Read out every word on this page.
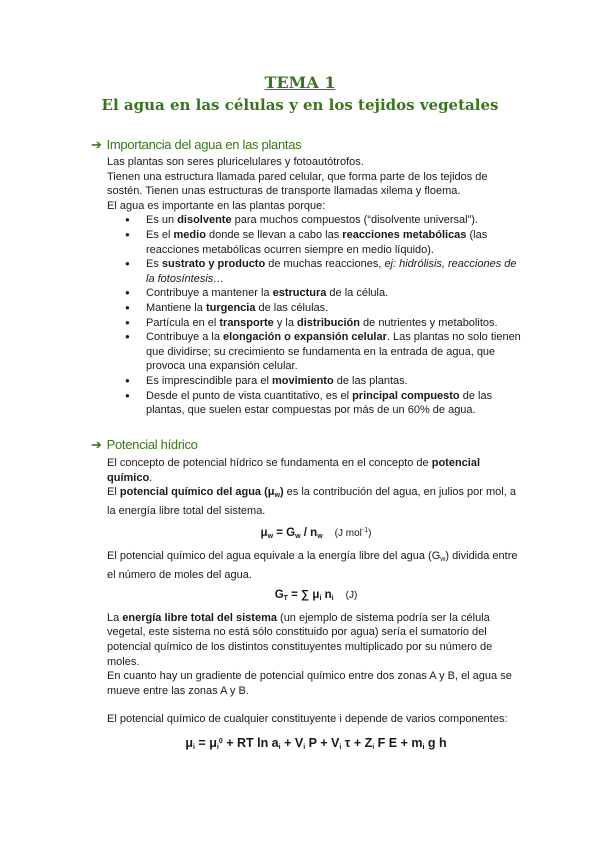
TEMA 1
El agua en las células y en los tejidos vegetales
➔ Importancia del agua en las plantas

Las plantas son seres pluricelulares y fotoautótrofos.

Tienen una estructura llamada pared celular, que forma parte de los tejidos de sostén. Tienen unas estructuras de transporte llamadas xilema y floema.

El agua es importante en las plantas porque:

● Es un disolvente para muchos compuestos (“disolvente universal”).
● Es el medio donde se llevan a cabo las reacciones metabólicas (las reacciones metabólicas ocurren siempre en medio líquido).
● Es sustrato y producto de muchas reacciones, ej: hidrólisis, reacciones de la fotosíntesis…
● Contribuye a mantener la estructura de la célula.
● Mantiene la turgencia de las células.
● Partícula en el transporte y la distribución de nutrientes y metabolitos.
● Contribuye a la elongación o expansión celular. Las plantas no solo tienen que dividirse; su crecimiento se fundamenta en la entrada de agua, que provoca una expansión celular.
● Es imprescindible para el movimiento de las plantas.
● Desde el punto de vista cuantitativo, es el principal compuesto de las plantas, que suelen estar compuestas por más de un 60% de agua.
➔ Potencial hídrico

El concepto de potencial hídrico se fundamenta en el concepto de potencial químico.

El potencial químico del agua $(\mu_w)$ es la contribución del agua, en julios por mol, a la energía libre total del sistema.

$\mu_w = G_w / n_w$ (J mol$^{-1}$)

El potencial químico del agua equivale a la energía libre del agua $(G_w)$ dividida entre el número de moles del agua.

$G_T$ = ∑ $\mu_i$ $n_i$ (J)

La energía libre total del sistema (un ejemplo de sistema podría ser la célula vegetal, este sistema no está sólo constituido por agua) sería el sumatorio del potencial químico de los distintos constituyentes multiplicado por su número de moles.

En cuanto hay un gradiente de potencial químico entre dos zonas A y B, el agua se mueve entre las zonas A y B.

El potencial químico de cualquier constituyente i depende de varios componentes:

$\mu_i = \mu_i^0$ + RT $\ln a_i + V_i$ $P + V_i$ $\tau + Z_i$ F $E + m_i$ g h
